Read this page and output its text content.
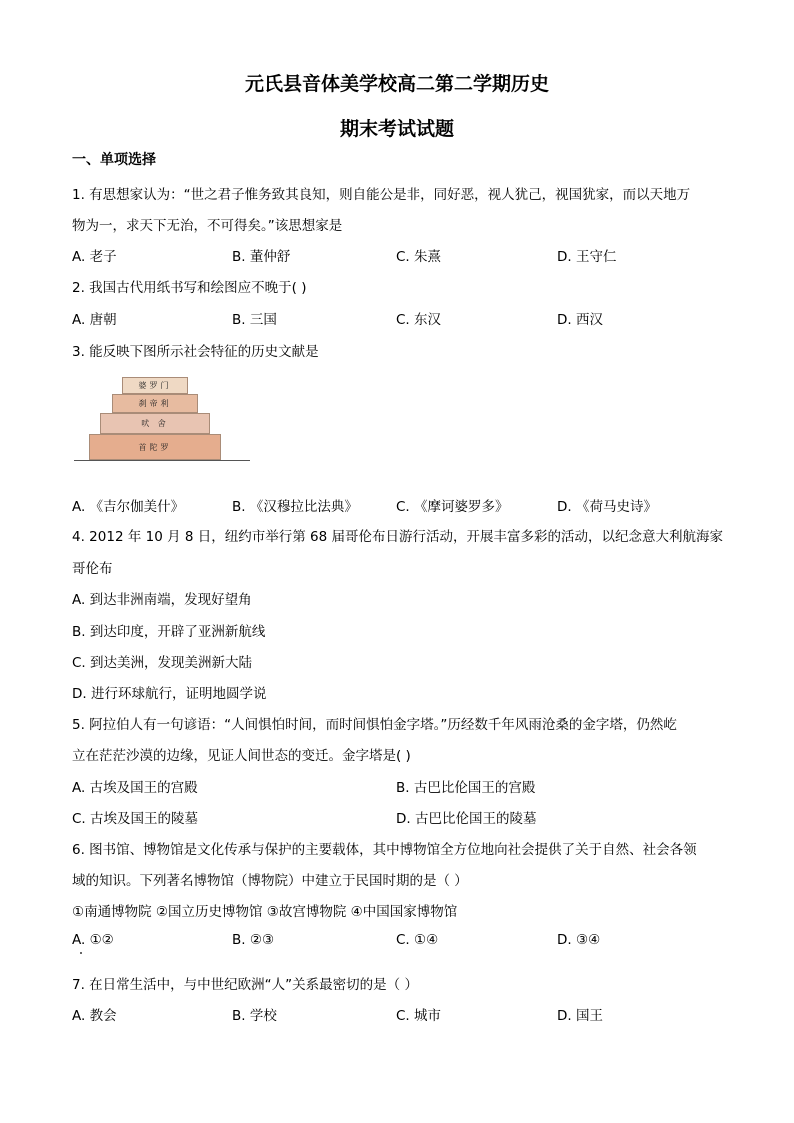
元氏县音体美学校高二第二学期历史
期末考试试题
一、单项选择
1. 有思想家认为：“世之君子惟务致其良知，则自能公是非，同好恶，视人犹己，视国犹家，而以天地万
物为一，求天下无治，不可得矣。”该思想家是
A. 老子	B. 董仲舒	C. 朱熹	D. 王守仁
2. 我国古代用纸书写和绘图应不晚于( )
A. 唐朝	B. 三国	C. 东汉	D. 西汉
3. 能反映下图所示社会特征的历史文献是
婆罗门
刹帝利
吠 舍
首陀罗
A. 《吉尔伽美什》	B. 《汉穆拉比法典》	C. 《摩诃婆罗多》	D. 《荷马史诗》
4. 2012 年 10 月 8 日，纽约市举行第 68 届哥伦布日游行活动，开展丰富多彩的活动，以纪念意大利航海家
哥伦布
A. 到达非洲南端，发现好望角
B. 到达印度，开辟了亚洲新航线
C. 到达美洲，发现美洲新大陆
D. 进行环球航行，证明地圆学说
5. 阿拉伯人有一句谚语：“人间惧怕时间，而时间惧怕金字塔。”历经数千年风雨沧桑的金字塔，仍然屹
立在茫茫沙漠的边缘，见证人间世态的变迁。金字塔是( )
A. 古埃及国王的宫殿	B. 古巴比伦国王的宫殿
C. 古埃及国王的陵墓	D. 古巴比伦国王的陵墓
6. 图书馆、博物馆是文化传承与保护的主要载体，其中博物馆全方位地向社会提供了关于自然、社会各领
域的知识。下列著名博物馆（博物院）中建立于民国时期的是（ ）
①南通博物院 ②国立历史博物馆 ③故宫博物院 ④中国国家博物馆
A. ①②	B. ②③	C. ①④	D. ③④
7. 在日常生活中，与中世纪欧洲“人”关系最密切的是（ ）
A. 教会	B. 学校	C. 城市	D. 国王
